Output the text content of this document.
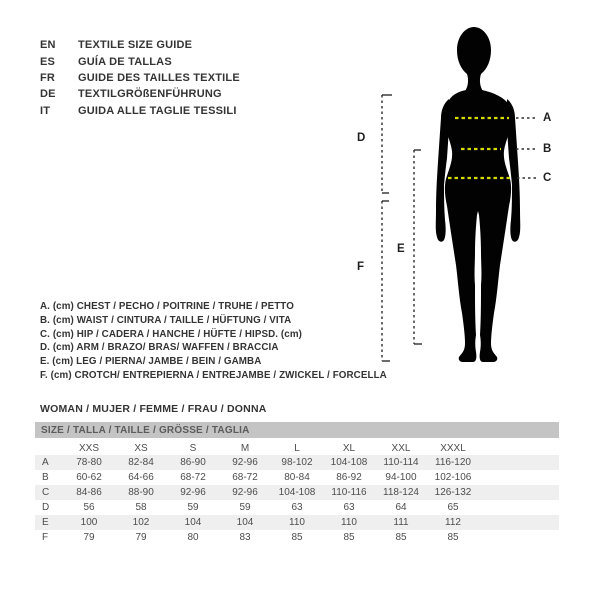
EN	TEXTILE SIZE GUIDE
ES	GUÍA DE TALLAS
FR	GUIDE DES TAILLES TEXTILE
DE	TEXTILGRÖßENFÜHRUNG
IT	GUIDA ALLE TAGLIE TESSILI
A
B
C
D
E
F
A. (cm) CHEST / PECHO / POITRINE / TRUHE / PETTO
B. (cm) WAIST / CINTURA / TAILLE / HÜFTUNG / VITA
C. (cm) HIP / CADERA / HANCHE / HÜFTE / HIPSD. (cm)
D. (cm) ARM / BRAZO/ BRAS/ WAFFEN / BRACCIA
E. (cm) LEG / PIERNA/ JAMBE / BEIN / GAMBA
F. (cm) CROTCH/ ENTREPIERNA / ENTREJAMBE / ZWICKEL / FORCELLA
WOMAN / MUJER / FEMME / FRAU / DONNA
SIZE / TALLA / TAILLE / GRÖSSE / TAGLIA									
	XXS	XS	S	M	L	XL	XXL	XXXL	
A	78-80	82-84	86-90	92-96	98-102	104-108	110-114	116-120	
B	60-62	64-66	68-72	68-72	80-84	86-92	94-100	102-106	
C	84-86	88-90	92-96	92-96	104-108	110-116	118-124	126-132	
D	56	58	59	59	63	63	64	65	
E	100	102	104	104	110	110	111	112	
F	79	79	80	83	85	85	85	85	
